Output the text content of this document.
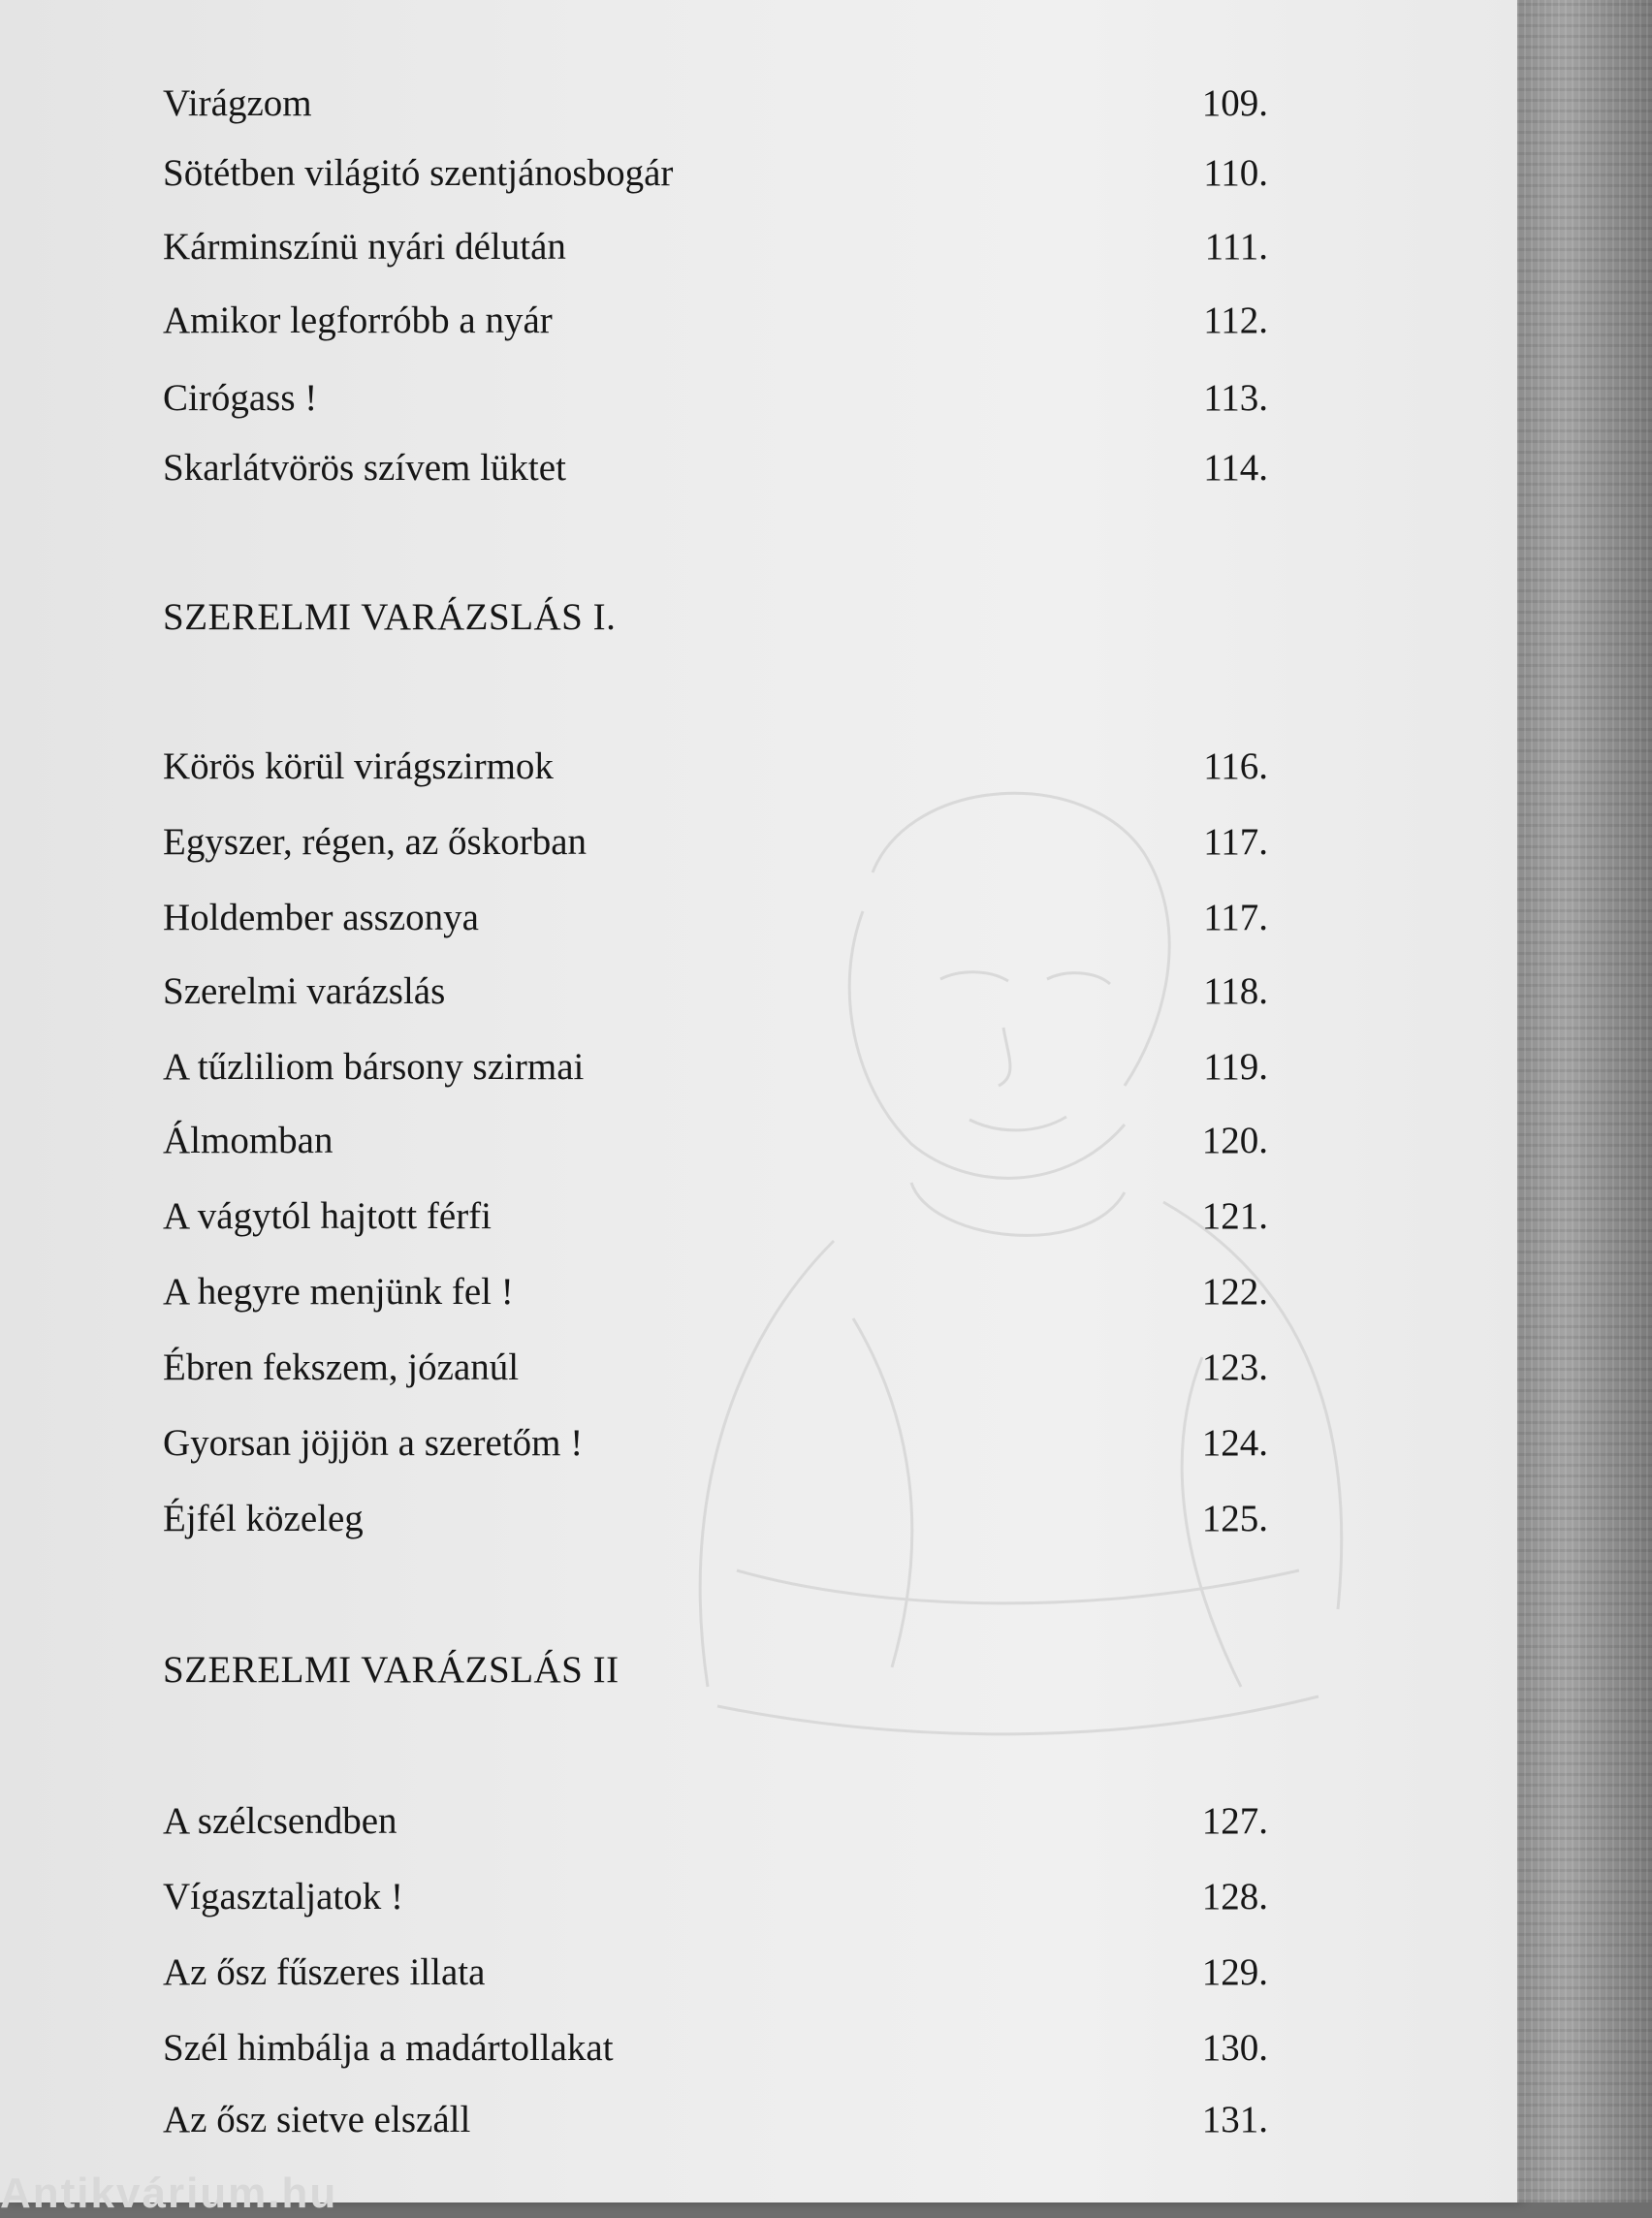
Virágzom	109.
Sötétben világitó szentjánosbogár	110.
Kárminszínü nyári délután	111.
Amikor legforróbb a nyár	112.
Cirógass !	113.
Skarlátvörös szívem lüktet	114.
SZERELMI VARÁZSLÁS I.
Körös körül virágszirmok	116.
Egyszer, régen, az őskorban	117.
Holdember asszonya	117.
Szerelmi varázslás	118.
A tűzliliom bársony szirmai	119.
Álmomban	120.
A vágytól hajtott férfi	121.
A hegyre menjünk fel !	122.
Ébren fekszem, józanúl	123.
Gyorsan jöjjön a szeretőm !	124.
Éjfél közeleg	125.
SZERELMI VARÁZSLÁS II
A szélcsendben	127.
Vígasztaljatok !	128.
Az ősz fűszeres illata	129.
Szél himbálja a madártollakat	130.
Az ősz sietve elszáll	131.
Antikvárium.hu
